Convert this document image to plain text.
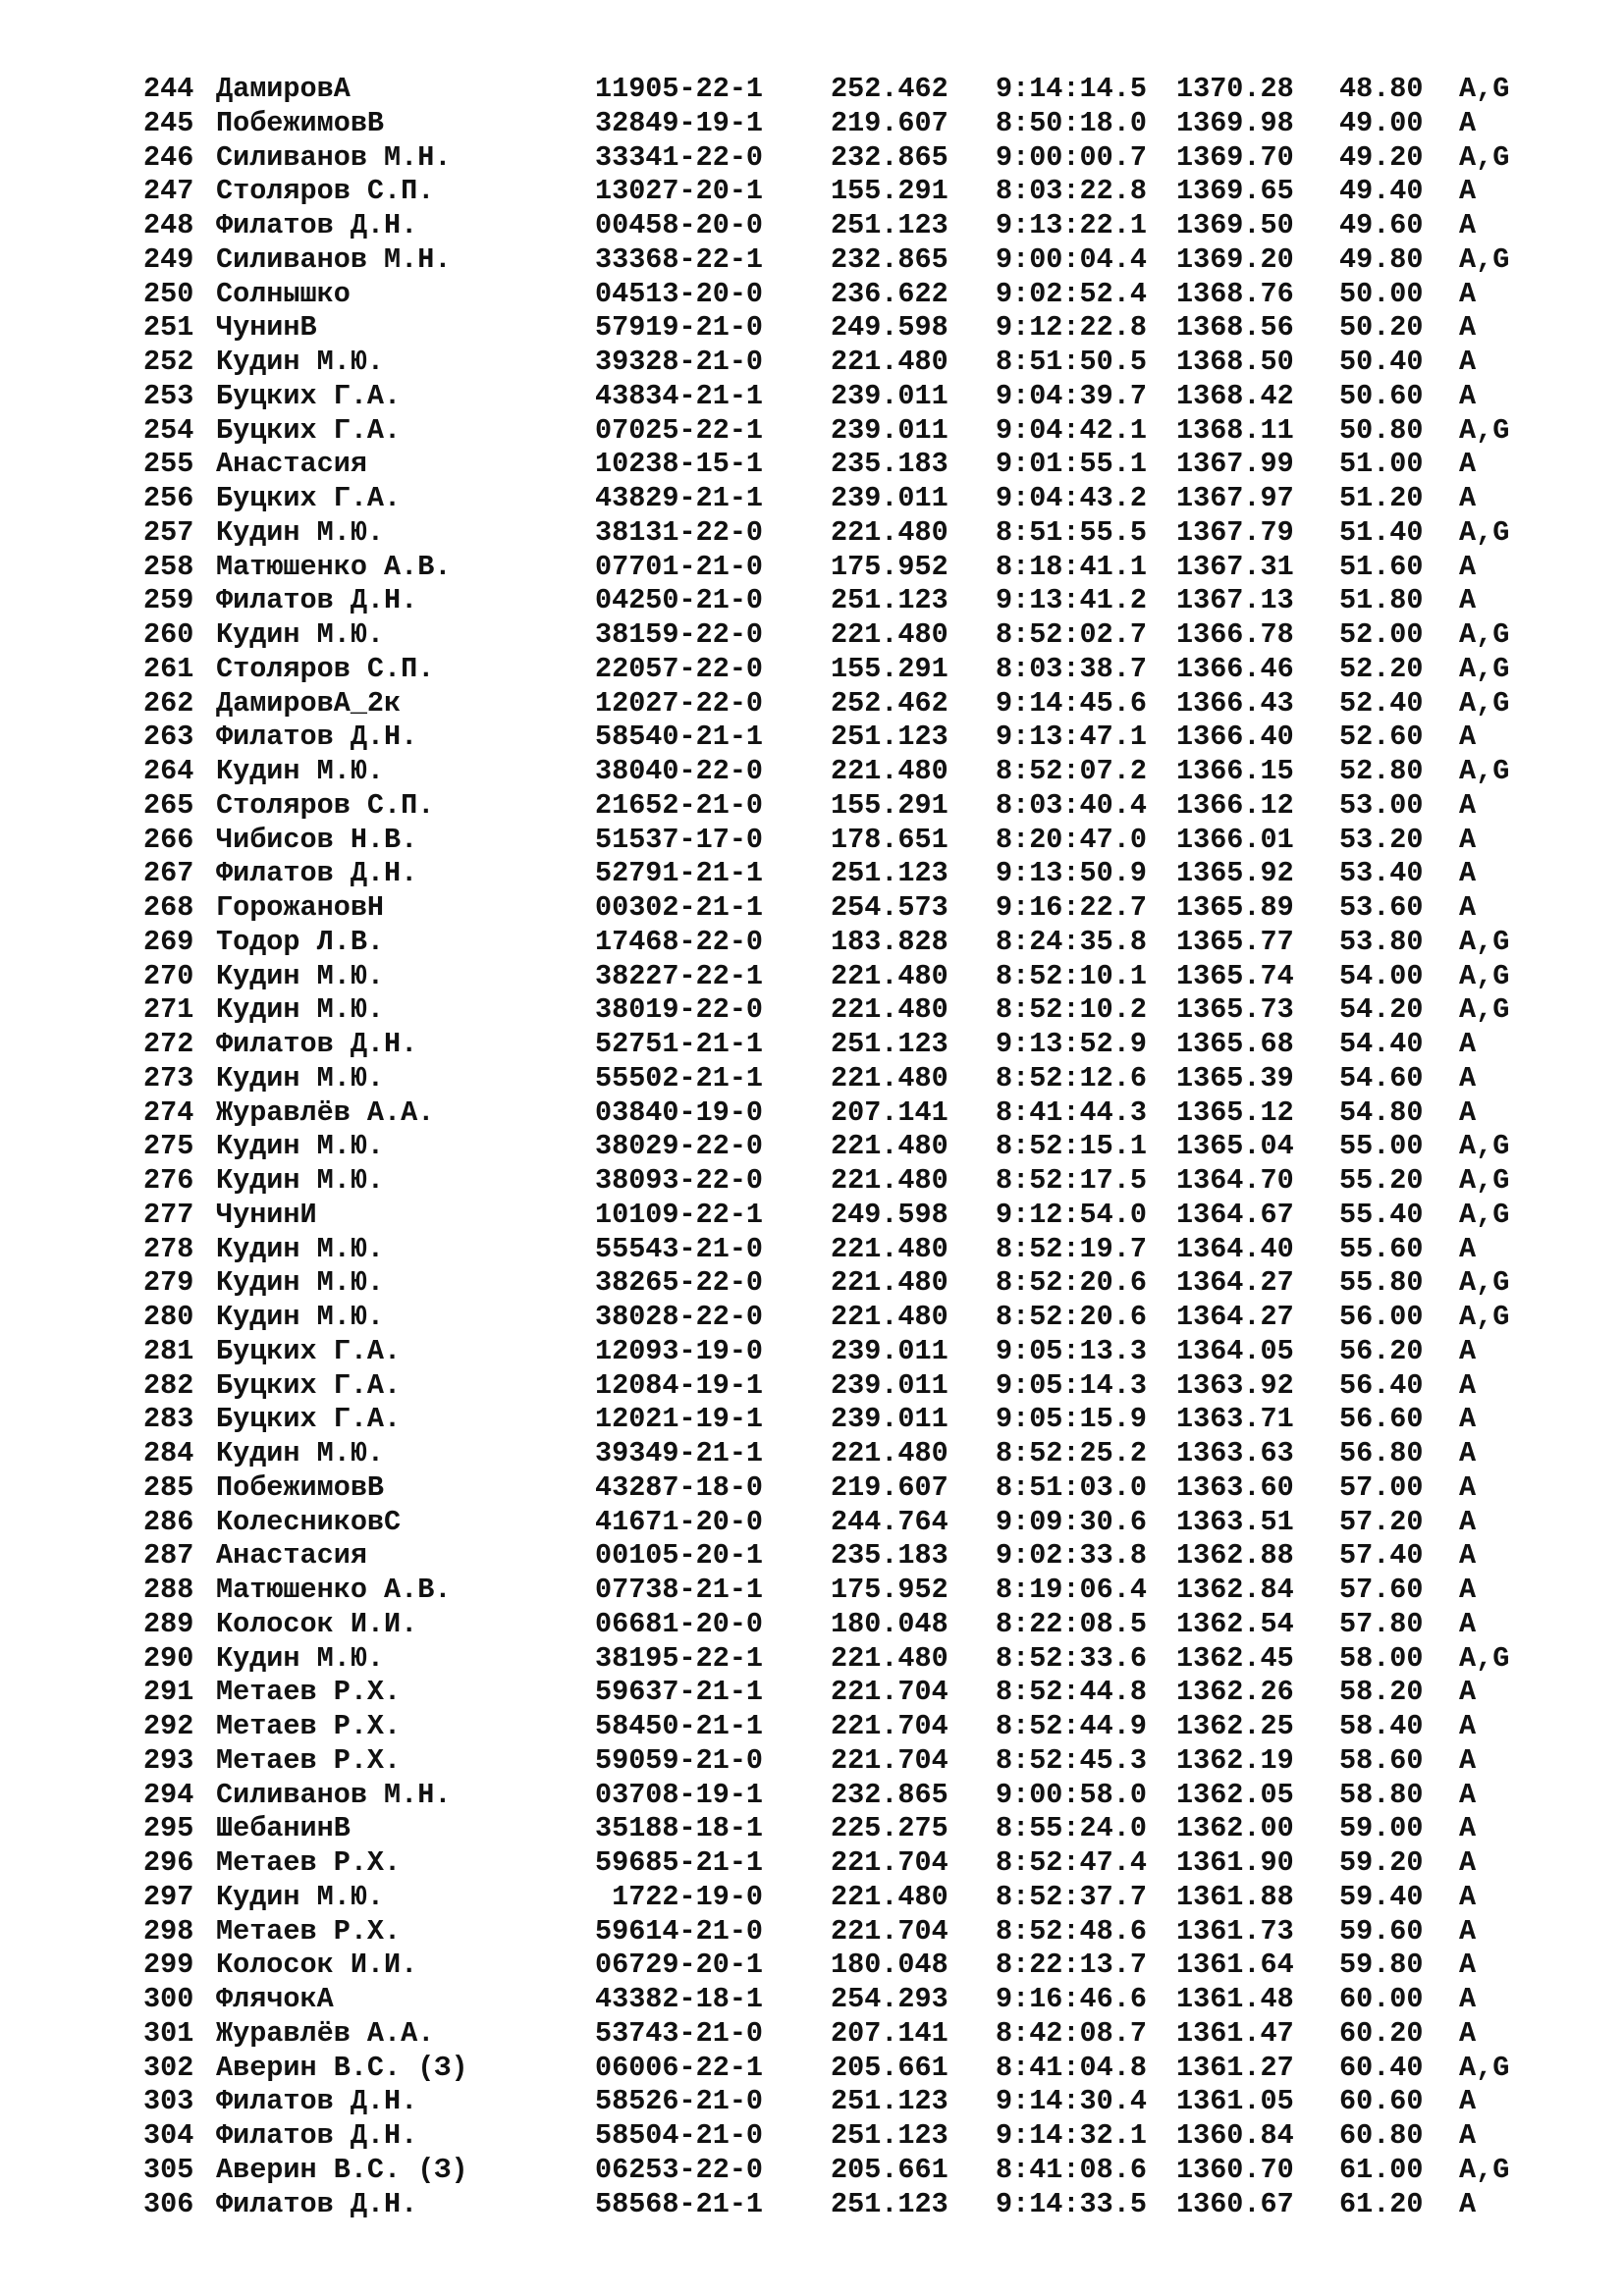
244 ДамировА	11905-22-1 252.462 9:14:14.5 1370.28 48.80 A,G
245 ПобежимовВ	32849-19-1 219.607 8:50:18.0 1369.98 49.00 A
246 Силиванов М.Н.	33341-22-0 232.865 9:00:00.7 1369.70 49.20 A,G
247 Столяров С.П.	13027-20-1 155.291 8:03:22.8 1369.65 49.40 A
248 Филатов Д.Н.	00458-20-0 251.123 9:13:22.1 1369.50 49.60 A
249 Силиванов М.Н.	33368-22-1 232.865 9:00:04.4 1369.20 49.80 A,G
250 Солнышко	04513-20-0 236.622 9:02:52.4 1368.76 50.00 A
251 ЧунинВ	57919-21-0 249.598 9:12:22.8 1368.56 50.20 A
252 Кудин М.Ю.	39328-21-0 221.480 8:51:50.5 1368.50 50.40 A
253 Буцких Г.А.	43834-21-1 239.011 9:04:39.7 1368.42 50.60 A
254 Буцких Г.А.	07025-22-1 239.011 9:04:42.1 1368.11 50.80 A,G
255 Анастасия	10238-15-1 235.183 9:01:55.1 1367.99 51.00 A
256 Буцких Г.А.	43829-21-1 239.011 9:04:43.2 1367.97 51.20 A
257 Кудин М.Ю.	38131-22-0 221.480 8:51:55.5 1367.79 51.40 A,G
258 Матюшенко А.В.	07701-21-0 175.952 8:18:41.1 1367.31 51.60 A
259 Филатов Д.Н.	04250-21-0 251.123 9:13:41.2 1367.13 51.80 A
260 Кудин М.Ю.	38159-22-0 221.480 8:52:02.7 1366.78 52.00 A,G
261 Столяров С.П.	22057-22-0 155.291 8:03:38.7 1366.46 52.20 A,G
262 ДамировА_2к	12027-22-0 252.462 9:14:45.6 1366.43 52.40 A,G
263 Филатов Д.Н.	58540-21-1 251.123 9:13:47.1 1366.40 52.60 A
264 Кудин М.Ю.	38040-22-0 221.480 8:52:07.2 1366.15 52.80 A,G
265 Столяров С.П.	21652-21-0 155.291 8:03:40.4 1366.12 53.00 A
266 Чибисов Н.В.	51537-17-0 178.651 8:20:47.0 1366.01 53.20 A
267 Филатов Д.Н.	52791-21-1 251.123 9:13:50.9 1365.92 53.40 A
268 ГорожановН	00302-21-1 254.573 9:16:22.7 1365.89 53.60 A
269 Тодор Л.В.	17468-22-0 183.828 8:24:35.8 1365.77 53.80 A,G
270 Кудин М.Ю.	38227-22-1 221.480 8:52:10.1 1365.74 54.00 A,G
271 Кудин М.Ю.	38019-22-0 221.480 8:52:10.2 1365.73 54.20 A,G
272 Филатов Д.Н.	52751-21-1 251.123 9:13:52.9 1365.68 54.40 A
273 Кудин М.Ю.	55502-21-1 221.480 8:52:12.6 1365.39 54.60 A
274 Журавлёв А.А.	03840-19-0 207.141 8:41:44.3 1365.12 54.80 A
275 Кудин М.Ю.	38029-22-0 221.480 8:52:15.1 1365.04 55.00 A,G
276 Кудин М.Ю.	38093-22-0 221.480 8:52:17.5 1364.70 55.20 A,G
277 ЧунинИ	10109-22-1 249.598 9:12:54.0 1364.67 55.40 A,G
278 Кудин М.Ю.	55543-21-0 221.480 8:52:19.7 1364.40 55.60 A
279 Кудин М.Ю.	38265-22-0 221.480 8:52:20.6 1364.27 55.80 A,G
280 Кудин М.Ю.	38028-22-0 221.480 8:52:20.6 1364.27 56.00 A,G
281 Буцких Г.А.	12093-19-0 239.011 9:05:13.3 1364.05 56.20 A
282 Буцких Г.А.	12084-19-1 239.011 9:05:14.3 1363.92 56.40 A
283 Буцких Г.А.	12021-19-1 239.011 9:05:15.9 1363.71 56.60 A
284 Кудин М.Ю.	39349-21-1 221.480 8:52:25.2 1363.63 56.80 A
285 ПобежимовВ	43287-18-0 219.607 8:51:03.0 1363.60 57.00 A
286 КолесниковС	41671-20-0 244.764 9:09:30.6 1363.51 57.20 A
287 Анастасия	00105-20-1 235.183 9:02:33.8 1362.88 57.40 A
288 Матюшенко А.В.	07738-21-1 175.952 8:19:06.4 1362.84 57.60 A
289 Колосок И.И.	06681-20-0 180.048 8:22:08.5 1362.54 57.80 A
290 Кудин М.Ю.	38195-22-1 221.480 8:52:33.6 1362.45 58.00 A,G
291 Метаев Р.Х.	59637-21-1 221.704 8:52:44.8 1362.26 58.20 A
292 Метаев Р.Х.	58450-21-1 221.704 8:52:44.9 1362.25 58.40 A
293 Метаев Р.Х.	59059-21-0 221.704 8:52:45.3 1362.19 58.60 A
294 Силиванов М.Н.	03708-19-1 232.865 9:00:58.0 1362.05 58.80 A
295 ШебанинВ	35188-18-1 225.275 8:55:24.0 1362.00 59.00 A
296 Метаев Р.Х.	59685-21-1 221.704 8:52:47.4 1361.90 59.20 A
297 Кудин М.Ю.	1722-19-0 221.480 8:52:37.7 1361.88 59.40 A
298 Метаев Р.Х.	59614-21-0 221.704 8:52:48.6 1361.73 59.60 A
299 Колосок И.И.	06729-20-1 180.048 8:22:13.7 1361.64 59.80 A
300 ФлячокА	43382-18-1 254.293 9:16:46.6 1361.48 60.00 A
301 Журавлёв А.А.	53743-21-0 207.141 8:42:08.7 1361.47 60.20 A
302 Аверин В.С. (З)	06006-22-1 205.661 8:41:04.8 1361.27 60.40 A,G
303 Филатов Д.Н.	58526-21-0 251.123 9:14:30.4 1361.05 60.60 A
304 Филатов Д.Н.	58504-21-0 251.123 9:14:32.1 1360.84 60.80 A
305 Аверин В.С. (З)	06253-22-0 205.661 8:41:08.6 1360.70 61.00 A,G
306 Филатов Д.Н.	58568-21-1 251.123 9:14:33.5 1360.67 61.20 A
